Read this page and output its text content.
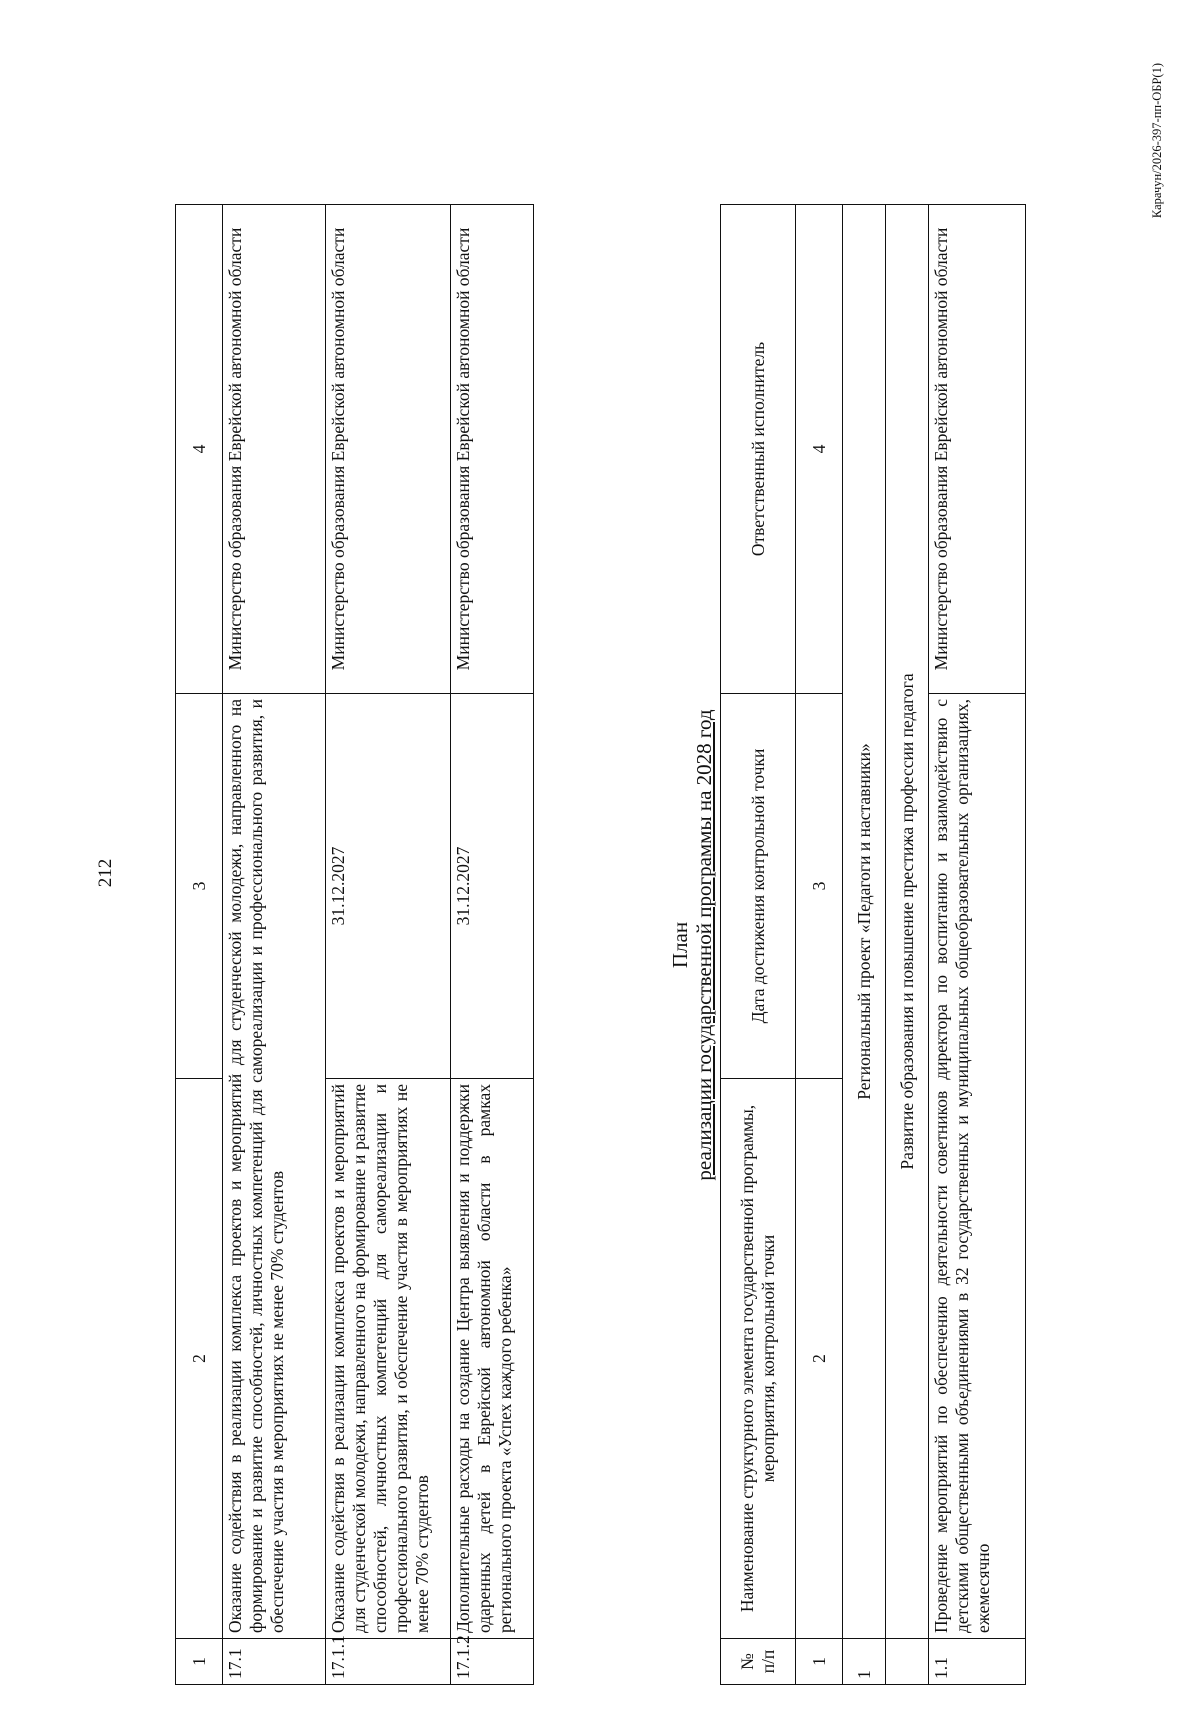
212
1	2	3	4
17.1	Оказание содействия в реализации комплекса проектов и мероприятий для студенческой молодежи, направленного на формирование и развитие способностей, личностных компетенций для самореализации и профессионального развития, и обеспечение участия в мероприятиях не менее 70% студентов		Министерство образования Еврейской автономной области
17.1.1	Оказание содействия в реализации комплекса проектов и мероприятий для студенческой молодежи, направленного на формирование и развитие способностей, личностных компетенций для самореализации и профессионального развития, и обеспечение участия в мероприятиях не менее 70% студентов	31.12.2027	Министерство образования Еврейской автономной области
17.1.2	Дополнительные расходы на создание Центра выявления и поддержки одаренных детей в Еврейской автономной области в рамках регионального проекта «Успех каждого ребенка»	31.12.2027	Министерство образования Еврейской автономной области
План реализации государственной программы на 2028 год
№ п/п	Наименование структурного элемента государственной программы, мероприятия, контрольной точки	Дата достижения контрольной точки	Ответственный исполнитель
1	2	3	4
1	Региональный проект «Педагоги и наставники»		
	Развитие образования и повышение престижа профессии педагога		
1.1	Проведение мероприятий по обеспечению деятельности советников директора по воспитанию и взаимодействию с детскими общественными объединениями в 32 государственных и муниципальных общеобразовательных организациях, ежемесячно		Министерство образования Еврейской автономной области
Карачун/2026-397-пп-ОБР(1)
